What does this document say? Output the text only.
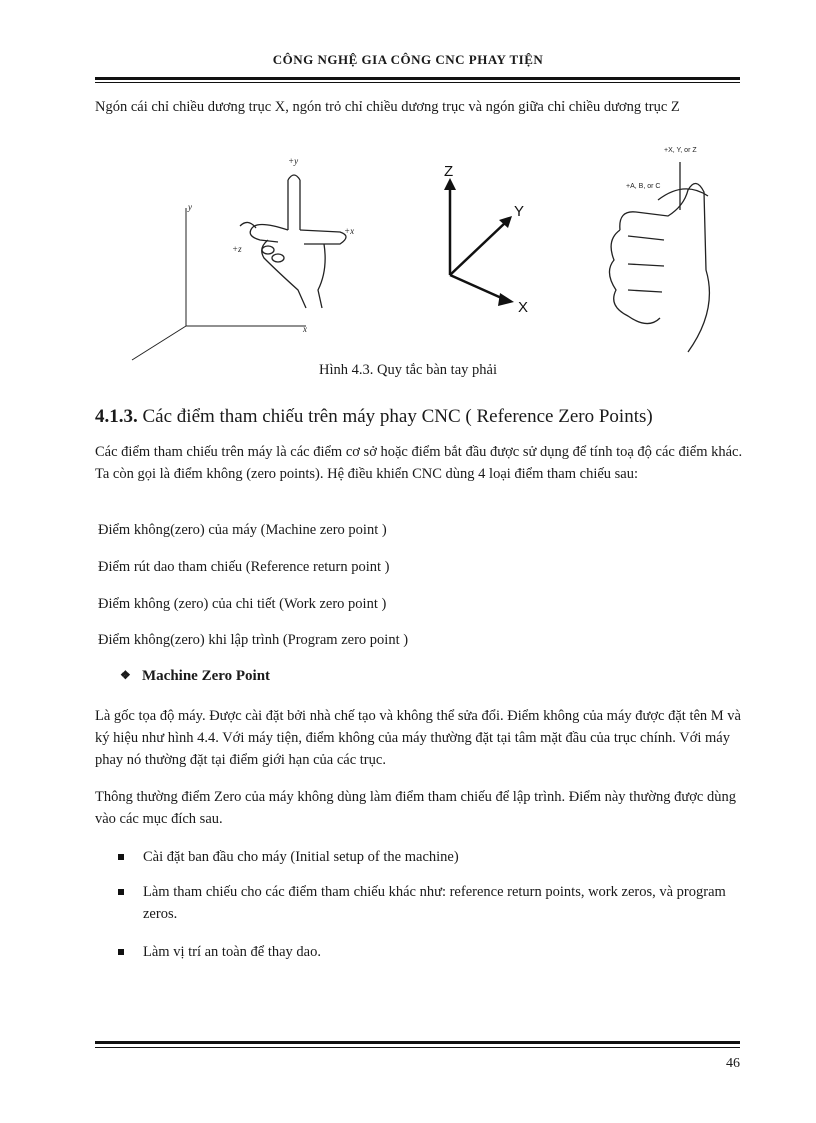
CÔNG NGHỆ GIA CÔNG CNC PHAY TIỆN

Ngón cái chỉ chiều dương trục X, ngón trỏ chỉ chiều dương trục và ngón giữa chỉ chiều dương trục Z

y
x
+y
+x
+z
Z
Y
X
+X, Y, or Z
+A, B, or C
Hình 4.3. Quy tắc bàn tay phải
4.1.3. Các điểm tham chiếu trên máy phay CNC ( Reference Zero Points)

Các điểm tham chiếu trên máy là các điểm cơ sở hoặc điểm bắt đầu được sử dụng để tính toạ độ các điểm khác. Ta còn gọi là điểm không (zero points). Hệ điều khiển CNC dùng 4 loại điểm tham chiếu sau:

Điểm không(zero) của máy (Machine zero point )
Điểm rút dao tham chiếu (Reference return point )
Điểm không (zero) của chi tiết (Work zero point )
Điểm không(zero) khi lập trình (Program zero point )
❖ Machine Zero Point

Là gốc tọa độ máy. Được cài đặt bởi nhà chế tạo và không thể sửa đổi. Điểm không của máy được đặt tên M và ký hiệu như hình 4.4. Với máy tiện, điểm không của máy thường đặt tại tâm mặt đầu của trục chính. Với máy phay nó thường đặt tại điểm giới hạn của các trục.

Thông thường điểm Zero của máy không dùng làm điểm tham chiếu để lập trình. Điểm này thường được dùng vào các mục đích sau.

Cài đặt ban đầu cho máy (Initial setup of the machine)
Làm tham chiếu cho các điểm tham chiếu khác như: reference return points, work zeros, và program zeros.
Làm vị trí an toàn để thay dao.
46
